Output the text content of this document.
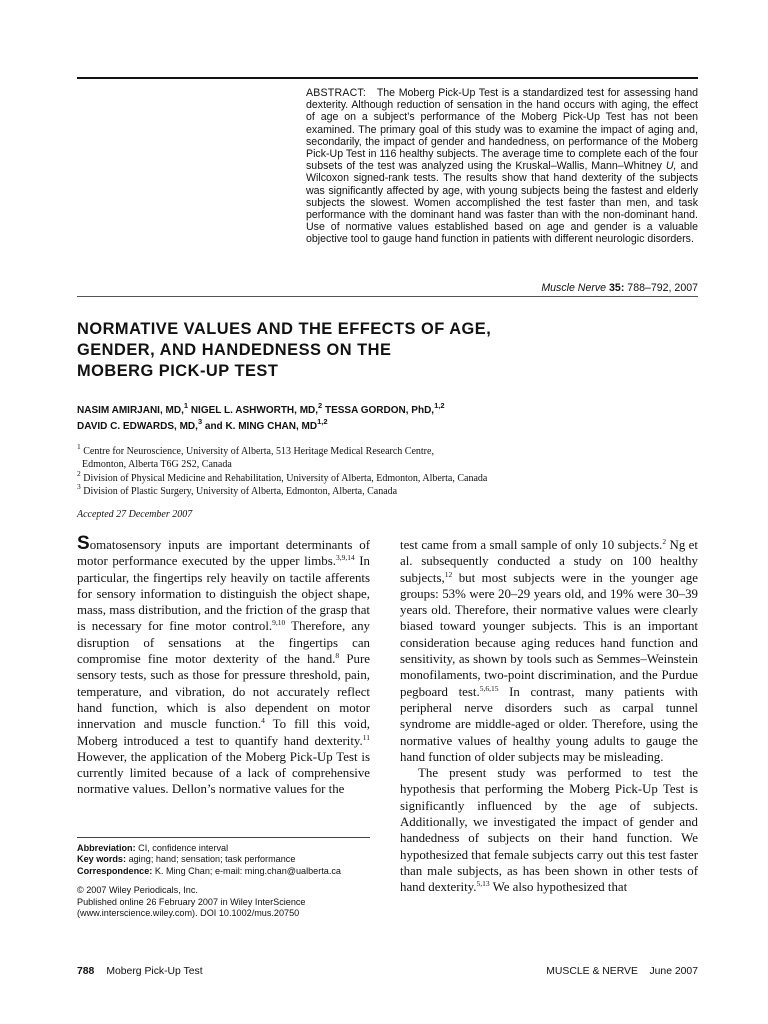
ABSTRACT: The Moberg Pick-Up Test is a standardized test for assessing hand dexterity. Although reduction of sensation in the hand occurs with aging, the effect of age on a subject’s performance of the Moberg Pick-Up Test has not been examined. The primary goal of this study was to examine the impact of aging and, secondarily, the impact of gender and handedness, on performance of the Moberg Pick-Up Test in 116 healthy subjects. The average time to complete each of the four subsets of the test was analyzed using the Kruskal–Wallis, Mann–Whitney U, and Wilcoxon signed-rank tests. The results show that hand dexterity of the subjects was significantly affected by age, with young subjects being the fastest and elderly subjects the slowest. Women accomplished the test faster than men, and task performance with the dominant hand was faster than with the non-dominant hand. Use of normative values established based on age and gender is a valuable objective tool to gauge hand function in patients with different neurologic disorders.
Muscle Nerve 35: 788–792, 2007
NORMATIVE VALUES AND THE EFFECTS OF AGE,
GENDER, AND HANDEDNESS ON THE
MOBERG PICK-UP TEST
NASIM AMIRJANI, MD,$^1$ NIGEL L. ASHWORTH, MD,$^2$ TESSA GORDON, PhD,$^{1,2}$
DAVID C. EDWARDS, MD,$^3$ and K. MING CHAN, MD$^{1,2}$
$^1$ Centre for Neuroscience, University of Alberta, 513 Heritage Medical Research Centre,
Edmonton, Alberta T6G 2S2, Canada
$^2$ Division of Physical Medicine and Rehabilitation, University of Alberta, Edmonton, Alberta, Canada
$^3$ Division of Plastic Surgery, University of Alberta, Edmonton, Alberta, Canada
Accepted 27 December 2007
Somatosensory inputs are important determinants of motor performance executed by the upper limbs.$^{3,9,14}$ In particular, the fingertips rely heavily on tactile afferents for sensory information to distinguish the object shape, mass, mass distribution, and the friction of the grasp that is necessary for fine motor control.$^{9,10}$ Therefore, any disruption of sensations at the fingertips can compromise fine motor dexterity of the hand.$^8$ Pure sensory tests, such as those for pressure threshold, pain, temperature, and vibration, do not accurately reflect hand function, which is also dependent on motor innervation and muscle function.$^4$ To fill this void, Moberg introduced a test to quantify hand dexterity.$^{11}$ However, the application of the Moberg Pick-Up Test is currently limited because of a lack of comprehensive normative values. Dellon’s normative values for the
test came from a small sample of only 10 subjects.$^2$ Ng et al. subsequently conducted a study on 100 healthy subjects,$^{12}$ but most subjects were in the younger age groups: 53% were 20–29 years old, and 19% were 30–39 years old. Therefore, their normative values were clearly biased toward younger subjects. This is an important consideration because aging reduces hand function and sensitivity, as shown by tools such as Semmes–Weinstein monofilaments, two-point discrimination, and the Purdue pegboard test.$^{5,6,15}$ In contrast, many patients with peripheral nerve disorders such as carpal tunnel syndrome are middle-aged or older. Therefore, using the normative values of healthy young adults to gauge the hand function of older subjects may be misleading.
The present study was performed to test the hypothesis that performing the Moberg Pick-Up Test is significantly influenced by the age of subjects. Additionally, we investigated the impact of gender and handedness of subjects on their hand function. We hypothesized that female subjects carry out this test faster than male subjects, as has been shown in other tests of hand dexterity.$^{5,13}$ We also hypothesized that
Abbreviation: CI, confidence interval
Key words: aging; hand; sensation; task performance
Correspondence: K. Ming Chan; e-mail: ming.chan@ualberta.ca
© 2007 Wiley Periodicals, Inc.
Published online 26 February 2007 in Wiley InterScience (www.interscience.wiley.com). DOI 10.1002/mus.20750
788 Moberg Pick-Up Test	MUSCLE & NERVE June 2007
